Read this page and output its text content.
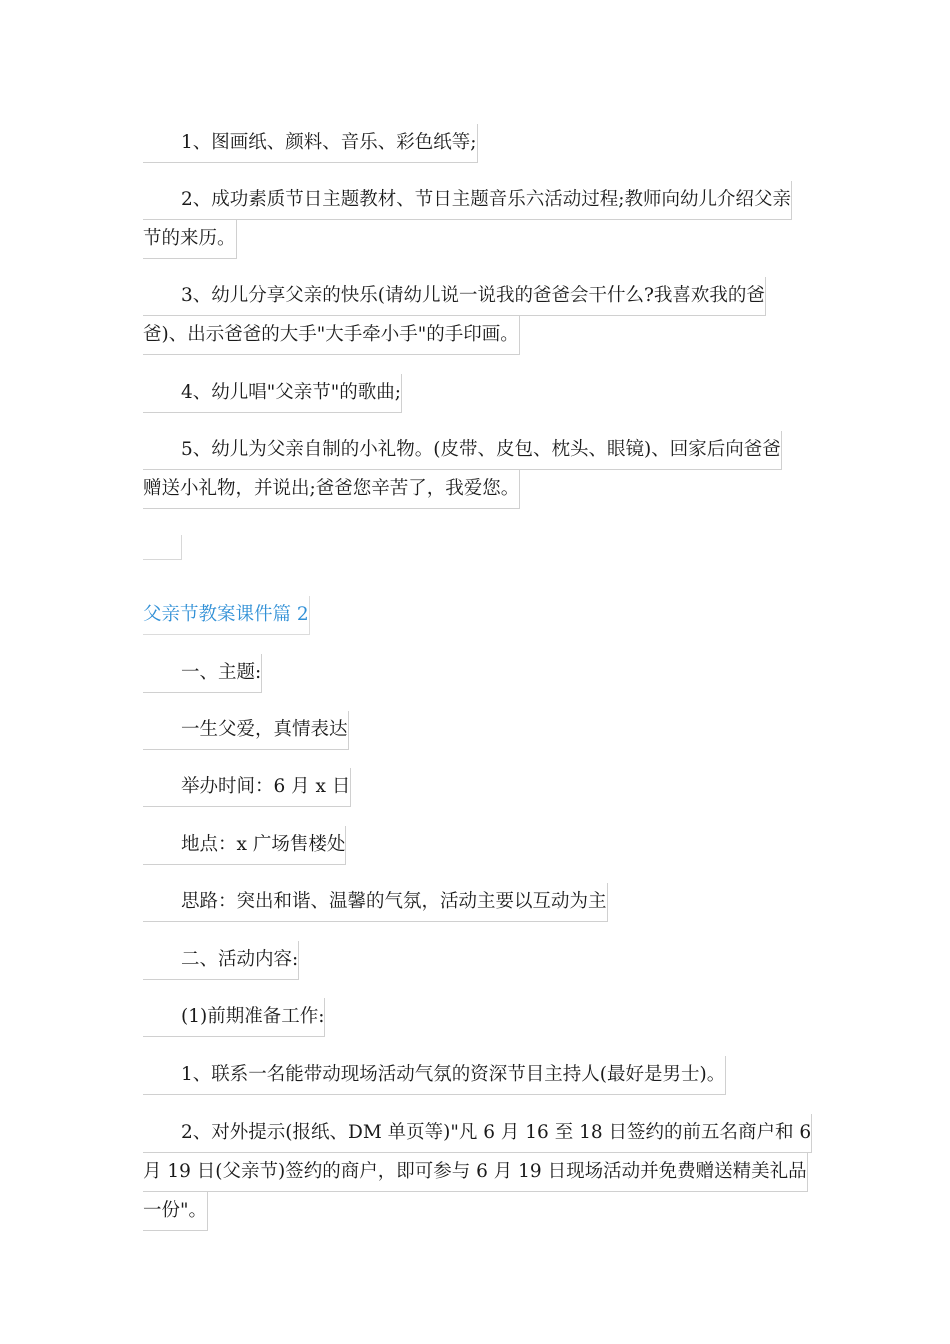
1、图画纸、颜料、音乐、彩色纸等;
2、成功素质节日主题教材、节日主题音乐六活动过程;教师向幼儿介绍父亲
节的来历。
3、幼儿分享父亲的快乐(请幼儿说一说我的爸爸会干什么?我喜欢我的爸
爸)、出示爸爸的大手"大手牵小手"的手印画。
4、幼儿唱"父亲节"的歌曲;
5、幼儿为父亲自制的小礼物。(皮带、皮包、枕头、眼镜)、回家后向爸爸
赠送小礼物，并说出;爸爸您辛苦了，我爱您。
父亲节教案课件篇 2
一、主题:
一生父爱，真情表达
举办时间：6 月 x 日
地点：x 广场售楼处
思路：突出和谐、温馨的气氛，活动主要以互动为主
二、活动内容:
(1)前期准备工作:
1、联系一名能带动现场活动气氛的资深节目主持人(最好是男士)。
2、对外提示(报纸、DM 单页等)"凡 6 月 16 至 18 日签约的前五名商户和 6
月 19 日(父亲节)签约的商户，即可参与 6 月 19 日现场活动并免费赠送精美礼品
一份"。
